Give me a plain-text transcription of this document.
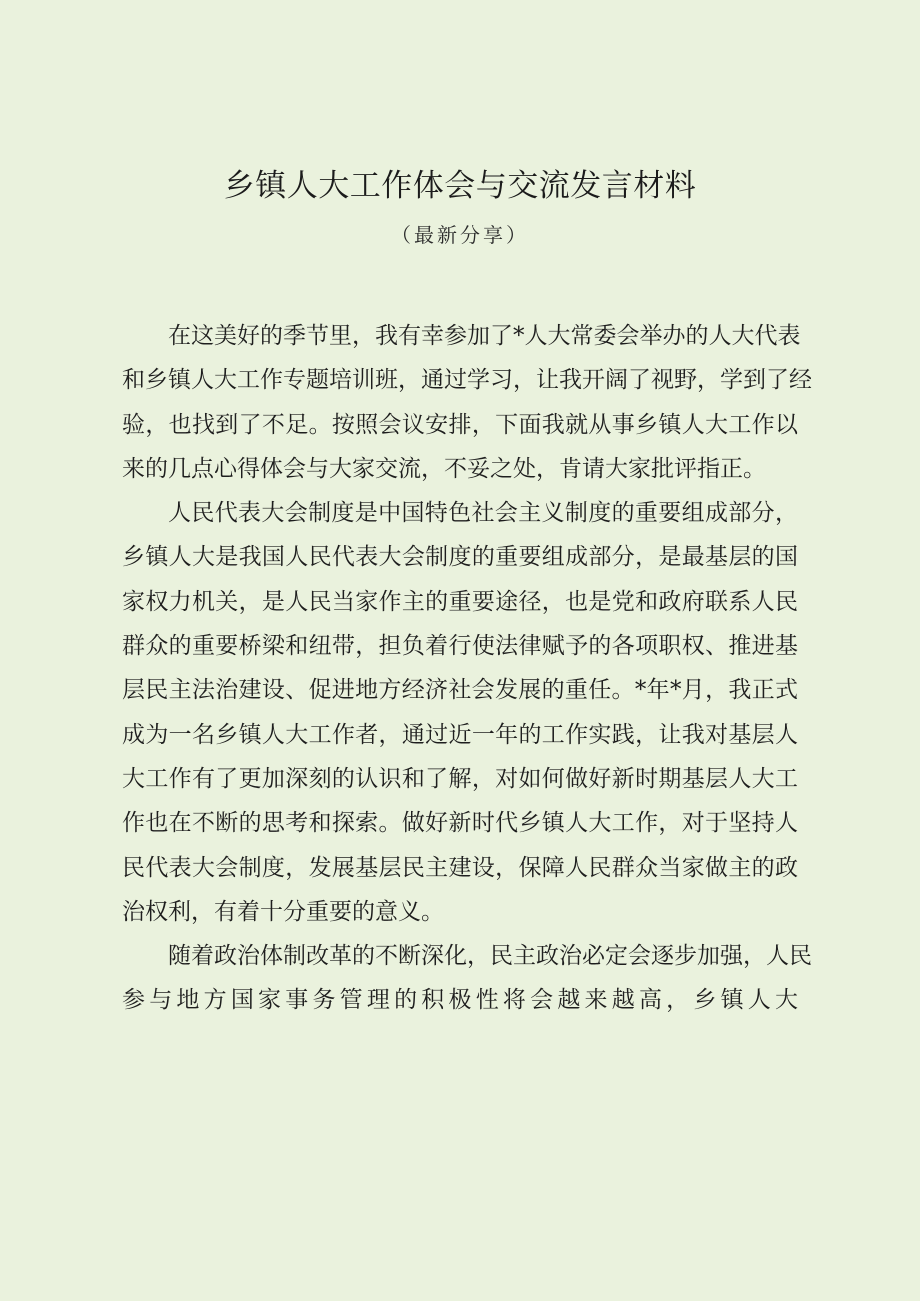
乡镇人大工作体会与交流发言材料
（最新分享）
在这美好的季节里，我有幸参加了*人大常委会举办的人大代表
和乡镇人大工作专题培训班，通过学习，让我开阔了视野，学到了经
验，也找到了不足。按照会议安排，下面我就从事乡镇人大工作以
来的几点心得体会与大家交流，不妥之处，肯请大家批评指正。
人民代表大会制度是中国特色社会主义制度的重要组成部分，
乡镇人大是我国人民代表大会制度的重要组成部分，是最基层的国
家权力机关，是人民当家作主的重要途径，也是党和政府联系人民
群众的重要桥梁和纽带，担负着行使法律赋予的各项职权、推进基
层民主法治建设、促进地方经济社会发展的重任。*年*月，我正式
成为一名乡镇人大工作者，通过近一年的工作实践，让我对基层人
大工作有了更加深刻的认识和了解，对如何做好新时期基层人大工
作也在不断的思考和探索。做好新时代乡镇人大工作，对于坚持人
民代表大会制度，发展基层民主建设，保障人民群众当家做主的政
治权利，有着十分重要的意义。
随着政治体制改革的不断深化，民主政治必定会逐步加强，人民
参与地方国家事务管理的积极性将会越来越高，乡镇人大
